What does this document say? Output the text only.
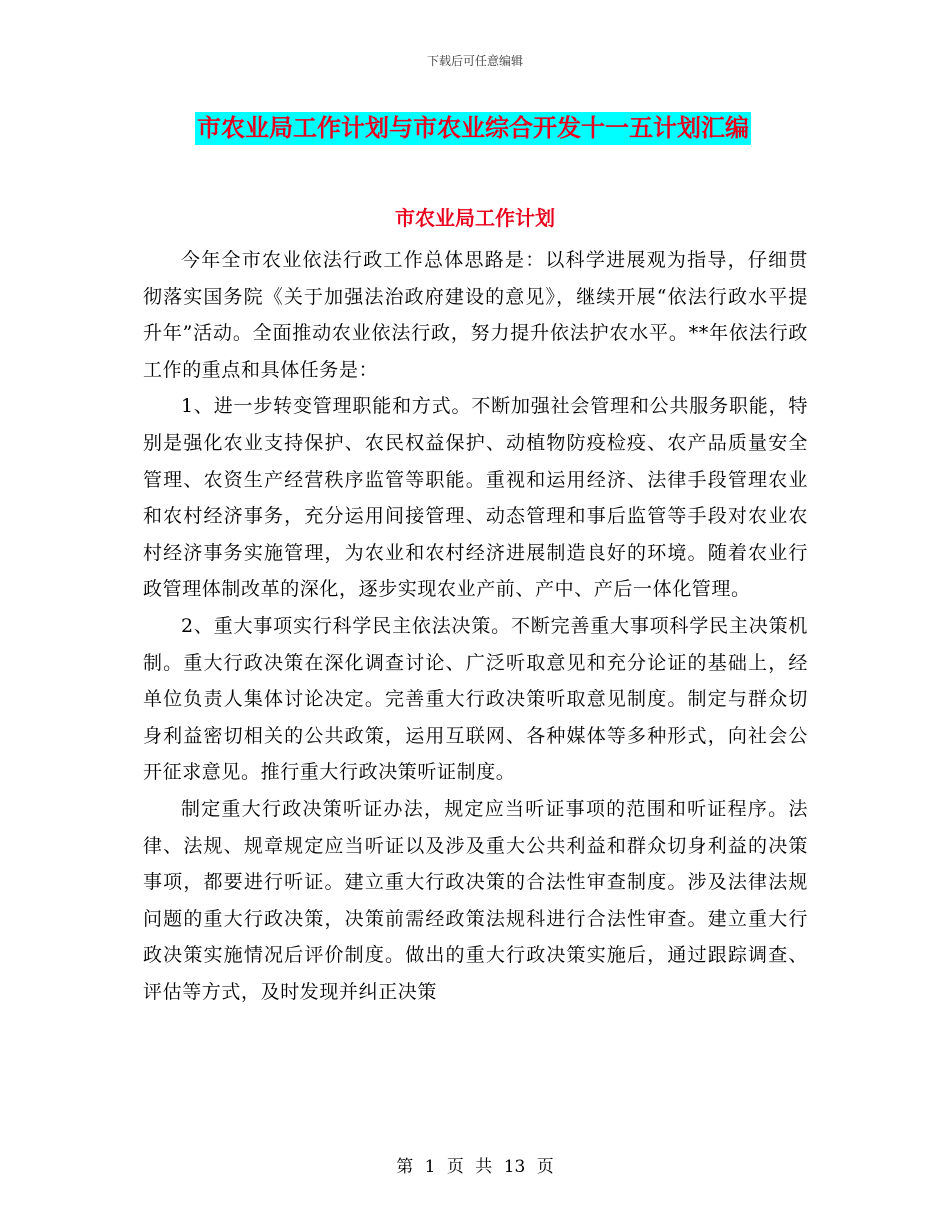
下载后可任意编辑
市农业局工作计划与市农业综合开发十一五计划汇编
市农业局工作计划

今年全市农业依法行政工作总体思路是：以科学进展观为指导，仔细贯彻落实国务院《关于加强法治政府建设的意见》，继续开展“依法行政水平提升年”活动。全面推动农业依法行政，努力提升依法护农水平。**年依法行政工作的重点和具体任务是：

1、进一步转变管理职能和方式。不断加强社会管理和公共服务职能，特别是强化农业支持保护、农民权益保护、动植物防疫检疫、农产品质量安全管理、农资生产经营秩序监管等职能。重视和运用经济、法律手段管理农业和农村经济事务，充分运用间接管理、动态管理和事后监管等手段对农业农村经济事务实施管理，为农业和农村经济进展制造良好的环境。随着农业行政管理体制改革的深化，逐步实现农业产前、产中、产后一体化管理。

2、重大事项实行科学民主依法决策。不断完善重大事项科学民主决策机制。重大行政决策在深化调查讨论、广泛听取意见和充分论证的基础上，经单位负责人集体讨论决定。完善重大行政决策听取意见制度。制定与群众切身利益密切相关的公共政策，运用互联网、各种媒体等多种形式，向社会公开征求意见。推行重大行政决策听证制度。

制定重大行政决策听证办法，规定应当听证事项的范围和听证程序。法律、法规、规章规定应当听证以及涉及重大公共利益和群众切身利益的决策事项，都要进行听证。建立重大行政决策的合法性审查制度。涉及法律法规问题的重大行政决策，决策前需经政策法规科进行合法性审查。建立重大行政决策实施情况后评价制度。做出的重大行政决策实施后，通过跟踪调查、评估等方式，及时发现并纠正决策

第 1 页 共 13 页
